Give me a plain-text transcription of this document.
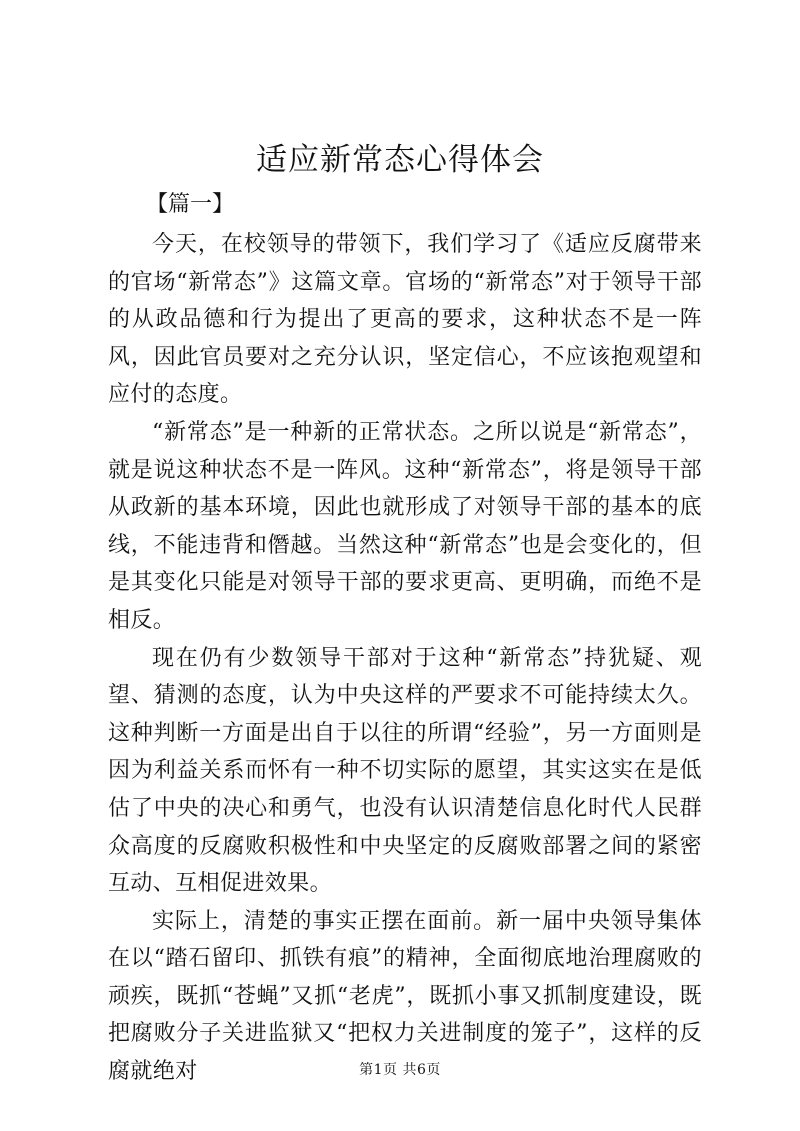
适应新常态心得体会

【篇一】

今天，在校领导的带领下，我们学习了《适应反腐带来的官场“新常态”》这篇文章。官场的“新常态”对于领导干部的从政品德和行为提出了更高的要求，这种状态不是一阵风，因此官员要对之充分认识，坚定信心，不应该抱观望和应付的态度。

“新常态”是一种新的正常状态。之所以说是“新常态”，就是说这种状态不是一阵风。这种“新常态”，将是领导干部从政新的基本环境，因此也就形成了对领导干部的基本的底线，不能违背和僭越。当然这种“新常态”也是会变化的，但是其变化只能是对领导干部的要求更高、更明确，而绝不是相反。

现在仍有少数领导干部对于这种“新常态”持犹疑、观望、猜测的态度，认为中央这样的严要求不可能持续太久。这种判断一方面是出自于以往的所谓“经验”，另一方面则是因为利益关系而怀有一种不切实际的愿望，其实这实在是低估了中央的决心和勇气，也没有认识清楚信息化时代人民群众高度的反腐败积极性和中央坚定的反腐败部署之间的紧密互动、互相促进效果。

实际上，清楚的事实正摆在面前。新一届中央领导集体在以“踏石留印、抓铁有痕”的精神，全面彻底地治理腐败的顽疾，既抓“苍蝇”又抓“老虎”，既抓小事又抓制度建设，既把腐败分子关进监狱又“把权力关进制度的笼子”，这样的反腐就绝对	第1页 共6页
